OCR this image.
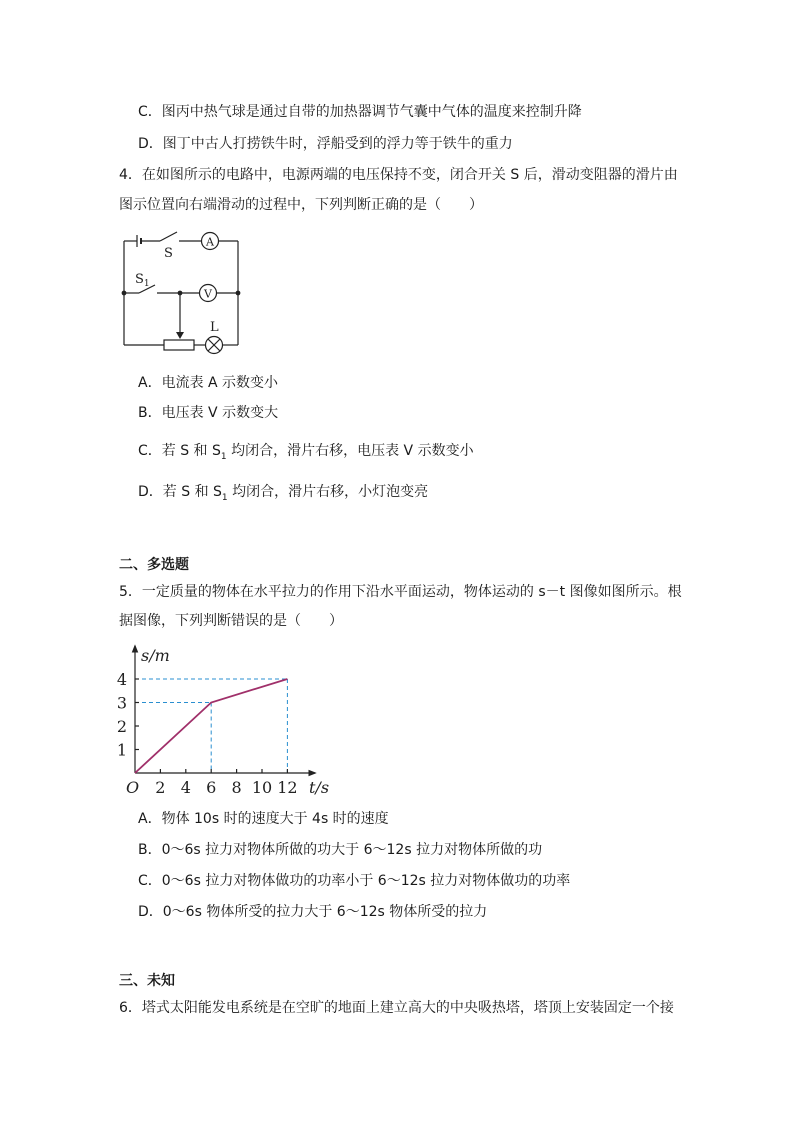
C．图丙中热气球是通过自带的加热器调节气囊中气体的温度来控制升降
D．图丁中古人打捞铁牛时，浮船受到的浮力等于铁牛的重力
4．在如图所示的电路中，电源两端的电压保持不变，闭合开关 S 后，滑动变阻器的滑片由
图示位置向右端滑动的过程中，下列判断正确的是（　　）
S
$S_1$
A
V
L
A．电流表 A 示数变小
B．电压表 V 示数变大
C．若 S 和 $S_1$ 均闭合，滑片右移，电压表 V 示数变小
D．若 S 和 $S_1$ 均闭合，滑片右移，小灯泡变亮
二、多选题
5．一定质量的物体在水平拉力的作用下沿水平面运动，物体运动的 s－t 图像如图所示。根
据图像，下列判断错误的是（　　）
2 4 6 8 10 12
1
2
3
4
s/m
t/s
O
A．物体 10s 时的速度大于 4s 时的速度
B．0～6s 拉力对物体所做的功大于 6～12s 拉力对物体所做的功
C．0～6s 拉力对物体做功的功率小于 6～12s 拉力对物体做功的功率
D．0～6s 物体所受的拉力大于 6～12s 物体所受的拉力
三、未知
6．塔式太阳能发电系统是在空旷的地面上建立高大的中央吸热塔，塔顶上安装固定一个接
